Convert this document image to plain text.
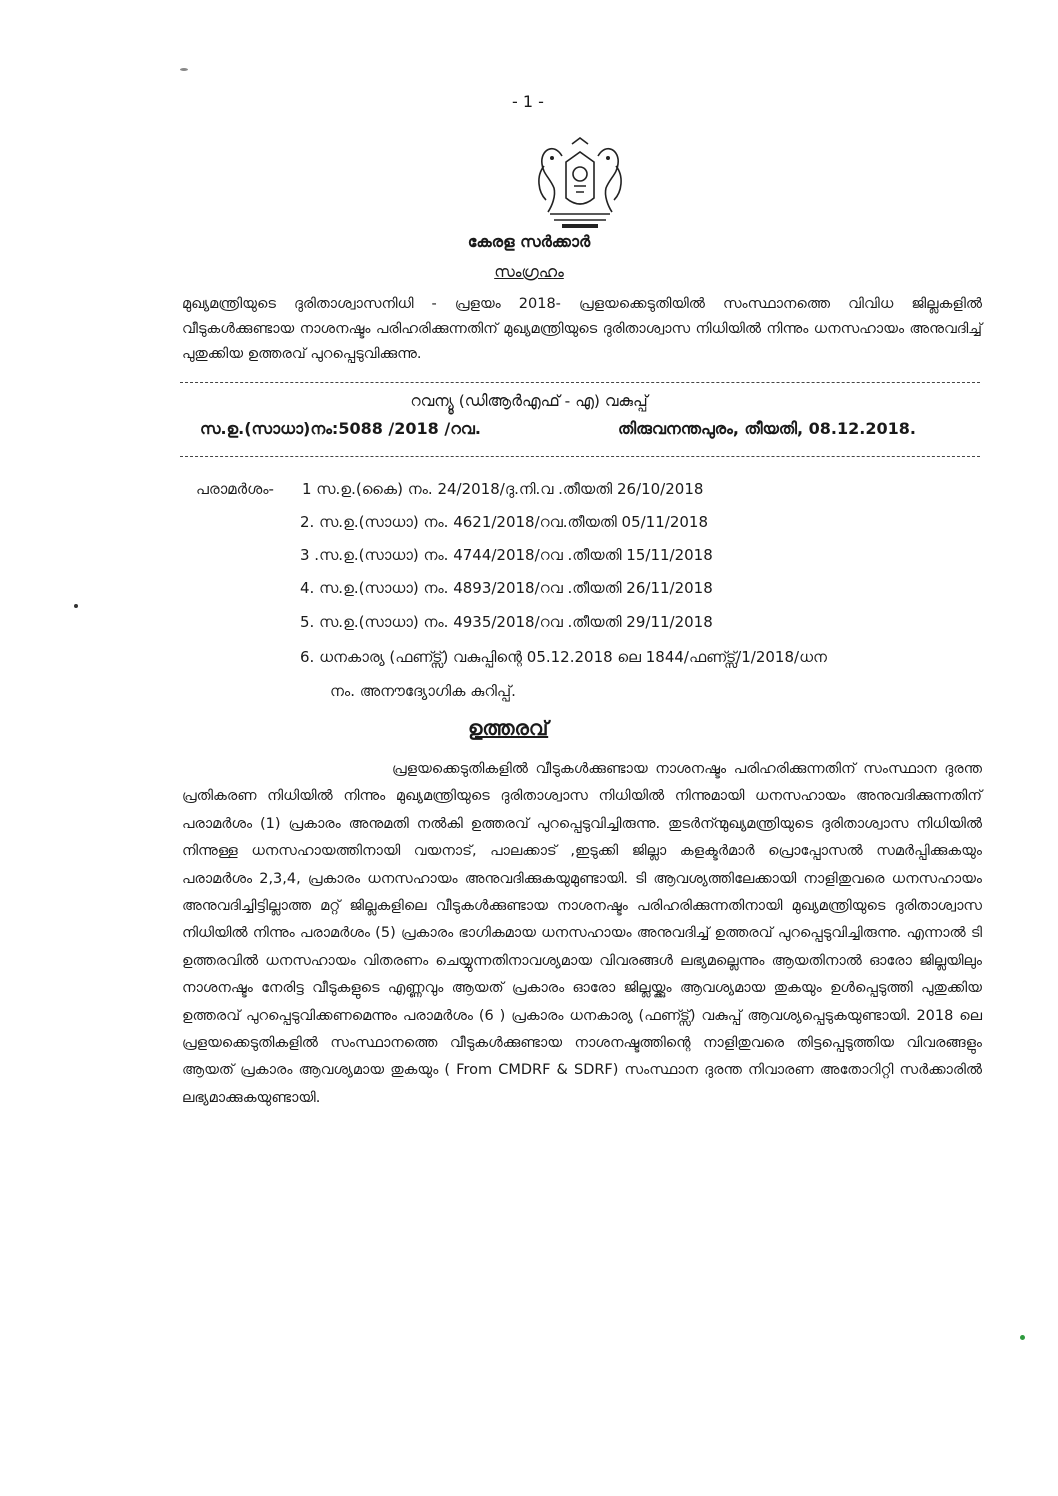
- 1 -
കേരള സർക്കാർ
സംഗ്രഹം
മുഖ്യമന്ത്രിയുടെ ദുരിതാശ്വാസനിധി - പ്രളയം 2018- പ്രളയക്കെടുതിയിൽ സംസ്ഥാനത്തെ വിവിധ ജില്ലകളിൽ വീടുകൾക്കുണ്ടായ നാശനഷ്ടം പരിഹരിക്കുന്നതിന് മുഖ്യമന്ത്രിയുടെ ദുരിതാശ്വാസ നിധിയിൽ നിന്നും ധനസഹായം അനുവദിച്ച് പുതുക്കിയ ഉത്തരവ് പുറപ്പെടുവിക്കുന്നു.
റവന്യൂ (ഡിആർഎഫ് - എ) വകുപ്പ്
സ.ഉ.(സാധാ)നം:5088 /2018 /റവ.	തിരുവനന്തപുരം, തീയതി, 08.12.2018.
പരാമർശം- 1 സ.ഉ.(കൈ) നം. 24/2018/ദു.നി.വ .തീയതി 26/10/2018
2. സ.ഉ.(സാധാ) നം. 4621/2018/റവ.തീയതി 05/11/2018
3 .സ.ഉ.(സാധാ) നം. 4744/2018/റവ .തീയതി 15/11/2018
4. സ.ഉ.(സാധാ) നം. 4893/2018/റവ .തീയതി 26/11/2018
5. സ.ഉ.(സാധാ) നം. 4935/2018/റവ .തീയതി 29/11/2018
6. ധനകാര്യ (ഫണ്ട്സ്) വകുപ്പിന്റെ 05.12.2018 ലെ 1844/ഫണ്ട്സ്/1/2018/ധന
നം. അനൗദ്യോഗിക കുറിപ്പ്.
ഉത്തരവ്
പ്രളയക്കെടുതികളിൽ വീടുകൾക്കുണ്ടായ നാശനഷ്ടം പരിഹരിക്കുന്നതിന് സംസ്ഥാന ദുരന്ത പ്രതികരണ നിധിയിൽ നിന്നും മുഖ്യമന്ത്രിയുടെ ദുരിതാശ്വാസ നിധിയിൽ നിന്നുമായി ധനസഹായം അനുവദിക്കുന്നതിന് പരാമർശം (1) പ്രകാരം അനുമതി നൽകി ഉത്തരവ് പുറപ്പെടുവിച്ചിരുന്നു. തുടർന്ന്മുഖ്യമന്ത്രിയുടെ ദുരിതാശ്വാസ നിധിയിൽ നിന്നുള്ള ധനസഹായത്തിനായി വയനാട്, പാലക്കാട് ,ഇടുക്കി ജില്ലാ കളക്ടർമാർ പ്രൊപ്പോസൽ സമർപ്പിക്കുകയും പരാമർശം 2,3,4, പ്രകാരം ധനസഹായം അനുവദിക്കുകയുമുണ്ടായി. ടി ആവശ്യത്തിലേക്കായി നാളിതുവരെ ധനസഹായം അനുവദിച്ചിട്ടില്ലാത്ത മറ്റ് ജില്ലകളിലെ വീടുകൾക്കുണ്ടായ നാശനഷ്ടം പരിഹരിക്കുന്നതിനായി മുഖ്യമന്ത്രിയുടെ ദുരിതാശ്വാസ നിധിയിൽ നിന്നും പരാമർശം (5) പ്രകാരം ഭാഗികമായ ധനസഹായം അനുവദിച്ച് ഉത്തരവ് പുറപ്പെടുവിച്ചിരുന്നു. എന്നാൽ ടി ഉത്തരവിൽ ധനസഹായം വിതരണം ചെയ്യുന്നതിനാവശ്യമായ വിവരങ്ങൾ ലഭ്യമല്ലെന്നും ആയതിനാൽ ഓരോ ജില്ലയിലും നാശനഷ്ടം നേരിട്ട വീടുകളുടെ എണ്ണവും ആയത് പ്രകാരം ഓരോ ജില്ലയ്ക്കും ആവശ്യമായ തുകയും ഉൾപ്പെടുത്തി പുതുക്കിയ ഉത്തരവ് പുറപ്പെടുവിക്കണമെന്നും പരാമർശം (6 ) പ്രകാരം ധനകാര്യ (ഫണ്ട്സ്) വകുപ്പ് ആവശ്യപ്പെടുകയുണ്ടായി. 2018 ലെ പ്രളയക്കെടുതികളിൽ സംസ്ഥാനത്തെ വീടുകൾക്കുണ്ടായ നാശനഷ്ടത്തിന്റെ നാളിതുവരെ തിട്ടപ്പെടുത്തിയ വിവരങ്ങളും ആയത് പ്രകാരം ആവശ്യമായ തുകയും ( From CMDRF & SDRF) സംസ്ഥാന ദുരന്ത നിവാരണ അതോറിറ്റി സർക്കാരിൽ ലഭ്യമാക്കുകയുണ്ടായി.
